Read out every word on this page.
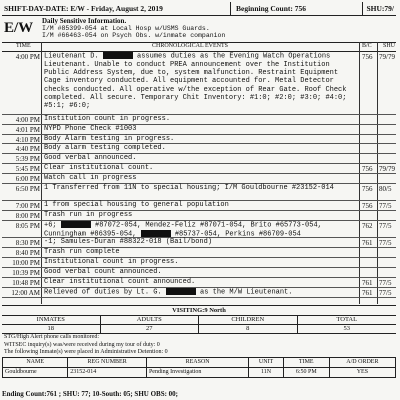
SHIFT-DAY-DATE: E/W - Friday, August 2, 2019	Beginning Count: 756	SHU:79/
E/W Daily Sensitive Information.
I/M #85399-054 at Local Hosp w/USMS Guards.
I/M #66463-054 on Psych Obs. w/inmate companion
TIME	CHRONOLOGICAL EVENTS	B/C SHU
4:00 PM Lieutenant D.	assumes duties as the Evening Watch Operations Lieutenant. Unable to conduct PREA announcement over the Institution Public Address System, due to, system malfunction. Restraint Equipment Cage inventory conducted. All equipment accounted for. Metal Detector checks conducted. All operative w/the exception of Rear Gate. Roof Check completed. All secure. Temporary Chit Inventory: #1:0; #2:0; #3:0; #4:0; #5:1; #6:0;
756 79/79
4:00 PM Institution count in progress.
4:01 PM NYPD Phone Check #1003
4:10 PM Body Alarm testing in progress.
4:40 PM Body alarm testing completed.
5:39 PM Good verbal announced.
5:45 PM Clear institutional count.	756 79/79
6:00 PM Watch call in progress
6:50 PM 1 Transferred from 11N to special housing; I/M Gouldbourne #23152-014	756 80/5
7:00 PM 1 from special housing to general population	756 77/5
8:00 PM Trash run in progress
8:05 PM +6;	#87072-054, Mendez-Feliz #87071-054, Brito #65773-054, Cunningham #86395-054,	#85737-054, Perkins #86709-054
762 77/5
8:30 PM -1; Samules-Duran #88322-018 (Bail/bond)	761 77/5
8:40 PM Trash run complete
10:00 PM Institutional count in progress.
10:39 PM Good verbal count announced.
10:48 PM Clear institutional count announced.	761 77/5
12:00 AM Relieved of duties by Lt. G.	as the M/W Lieutenant.	761 77/5
VISITING:9 North
INMATES	ADULTS	CHILDREN	TOTAL
18	27	8	53
STG/High Alert phone calls monitored:
WITSEC inquiry(s) was/were received during my tour of duty: 0
The following Inmate(s) were placed in Administrative Detention: 0
NAME	REG NUMBER	REASON	UNIT	TIME	A/D ORDER
Gouldbourne	23152-014	Pending Investigation	11N	6:50 PM	YES
Ending Count:761 ; SHU: 77; 10-South: 05; SHU OBS: 00;
